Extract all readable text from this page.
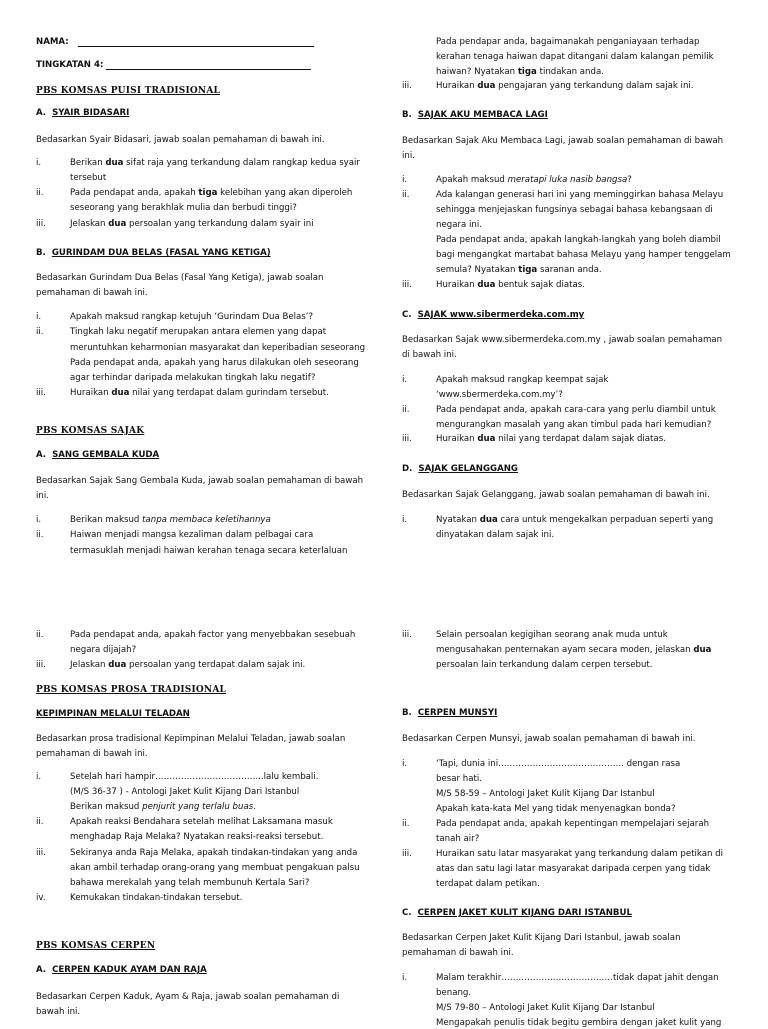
NAMA:
TINGKATAN 4:
PBS KOMSAS PUISI TRADISIONAL
A. SYAIR BIDASARI
Bedasarkan Syair Bidasari, jawab soalan pemahaman di bawah ini.
i.	Berikan dua sifat raja yang terkandung dalam rangkap kedua syair
tersebut
ii.	Pada pendapat anda, apakah tiga kelebihan yang akan diperoleh
seseorang yang berakhlak mulia dan berbudi tinggi?
iii.	Jelaskan dua persoalan yang terkandung dalam syair ini
B. GURINDAM DUA BELAS (FASAL YANG KETIGA)
Bedasarkan Gurindam Dua Belas (Fasal Yang Ketiga), jawab soalan
pemahaman di bawah ini.
i.	Apakah maksud rangkap ketujuh ‘Gurindam Dua Belas’?
ii.	Tingkah laku negatif merupakan antara elemen yang dapat
meruntuhkan keharmonian masyarakat dan keperibadian seseorang
Pada pendapat anda, apakah yang harus dilakukan oleh seseorang
agar terhindar daripada melakukan tingkah laku negatif?
iii.	Huraikan dua nilai yang terdapat dalam gurindam tersebut.
PBS KOMSAS SAJAK
A. SANG GEMBALA KUDA
Bedasarkan Sajak Sang Gembala Kuda, jawab soalan pemahaman di bawah
ini.
i.	Berikan maksud tanpa membaca keletihannya
ii.	Haiwan menjadi mangsa kezaliman dalam pelbagai cara
termasuklah menjadi haiwan kerahan tenaga secara keterlaluan
Pada pendapar anda, bagaimanakah penganiayaan terhadap
kerahan tenaga haiwan dapat ditangani dalam kalangan pemilik
haiwan? Nyatakan tiga tindakan anda.
iii.	Huraikan dua pengajaran yang terkandung dalam sajak ini.
B. SAJAK AKU MEMBACA LAGI
Bedasarkan Sajak Aku Membaca Lagi, jawab soalan pemahaman di bawah
ini.
i.	Apakah maksud meratapi luka nasib bangsa?
ii.	Ada kalangan generasi hari ini yang meminggirkan bahasa Melayu
sehingga menjejaskan fungsinya sebagai bahasa kebangsaan di
negara ini.
Pada pendapat anda, apakah langkah-langkah yang boleh diambil
bagi mengangkat martabat bahasa Melayu yang hamper tenggelam
semula? Nyatakan tiga saranan anda.
iii.	Huraikan dua bentuk sajak diatas.
C. SAJAK www.sibermerdeka.com.my
Bedasarkan Sajak www.sibermerdeka.com.my , jawab soalan pemahaman
di bawah ini.
i.	Apakah maksud rangkap keempat sajak
‘www.sbermerdeka.com.my’?
ii.	Pada pendapat anda, apakah cara-cara yang perlu diambil untuk
mengurangkan masalah yang akan timbul pada hari kemudian?
iii.	Huraikan dua nilai yang terdapat dalam sajak diatas.
D. SAJAK GELANGGANG
Bedasarkan Sajak Gelanggang, jawab soalan pemahaman di bawah ini.
i.	Nyatakan dua cara untuk mengekalkan perpaduan seperti yang
dinyatakan dalam sajak ini.
ii.	Pada pendapat anda, apakah factor yang menyebbakan sesebuah
negara dijajah?
iii.	Jelaskan dua persoalan yang terdapat dalam sajak ini.
PBS KOMSAS PROSA TRADISIONAL
KEPIMPINAN MELALUI TELADAN
Bedasarkan prosa tradisional Kepimpinan Melalui Teladan, jawab soalan
pemahaman di bawah ini.
i.	Setelah hari hampir………………………………..lalu kembali.
(M/S 36-37 ) - Antologi Jaket Kulit Kijang Dari Istanbul
Berikan maksud penjurit yang terlalu buas.
ii.	Apakah reaksi Bendahara setelah melihat Laksamana masuk
menghadap Raja Melaka? Nyatakan reaksi-reaksi tersebut.
iii.	Sekiranya anda Raja Melaka, apakah tindakan-tindakan yang anda
akan ambil terhadap orang-orang yang membuat pengakuan palsu
bahawa merekalah yang telah membunuh Kertala Sari?
iv.	Kemukakan tindakan-tindakan tersebut.
PBS KOMSAS CERPEN
A. CERPEN KADUK AYAM DAN RAJA
Bedasarkan Cerpen Kaduk, Ayam & Raja, jawab soalan pemahaman di
bawah ini.
iii.	Selain persoalan kegigihan seorang anak muda untuk
mengusahakan penternakan ayam secara moden, jelaskan dua
persoalan lain terkandung dalam cerpen tersebut.
B. CERPEN MUNSYI
Bedasarkan Cerpen Munsyi, jawab soalan pemahaman di bawah ini.
i.	‘Tapi, dunia ini…………………………………….. dengan rasa
besar hati.
M/S 58-59 – Antologi Jaket Kulit Kijang Dar Istanbul
Apakah kata-kata Mel yang tidak menyenagkan bonda?
ii.	Pada pendapat anda, apakah kepentingan mempelajari sejarah
tanah air?
iii.	Huraikan satu latar masyarakat yang terkandung dalam petikan di
atas dan satu lagi latar masyarakat daripada cerpen yang tidak
terdapat dalam petikan.
C. CERPEN JAKET KULIT KIJANG DARI ISTANBUL
Bedasarkan Cerpen Jaket Kulit Kijang Dari Istanbul, jawab soalan
pemahaman di bawah ini.
i.	Malam terakhir…………………………………tidak dapat jahit dengan
benang.
M/S 79-80 – Antologi Jaket Kulit Kijang Dar Istanbul
Mengapakah penulis tidak begitu gembira dengan jaket kulit yang
